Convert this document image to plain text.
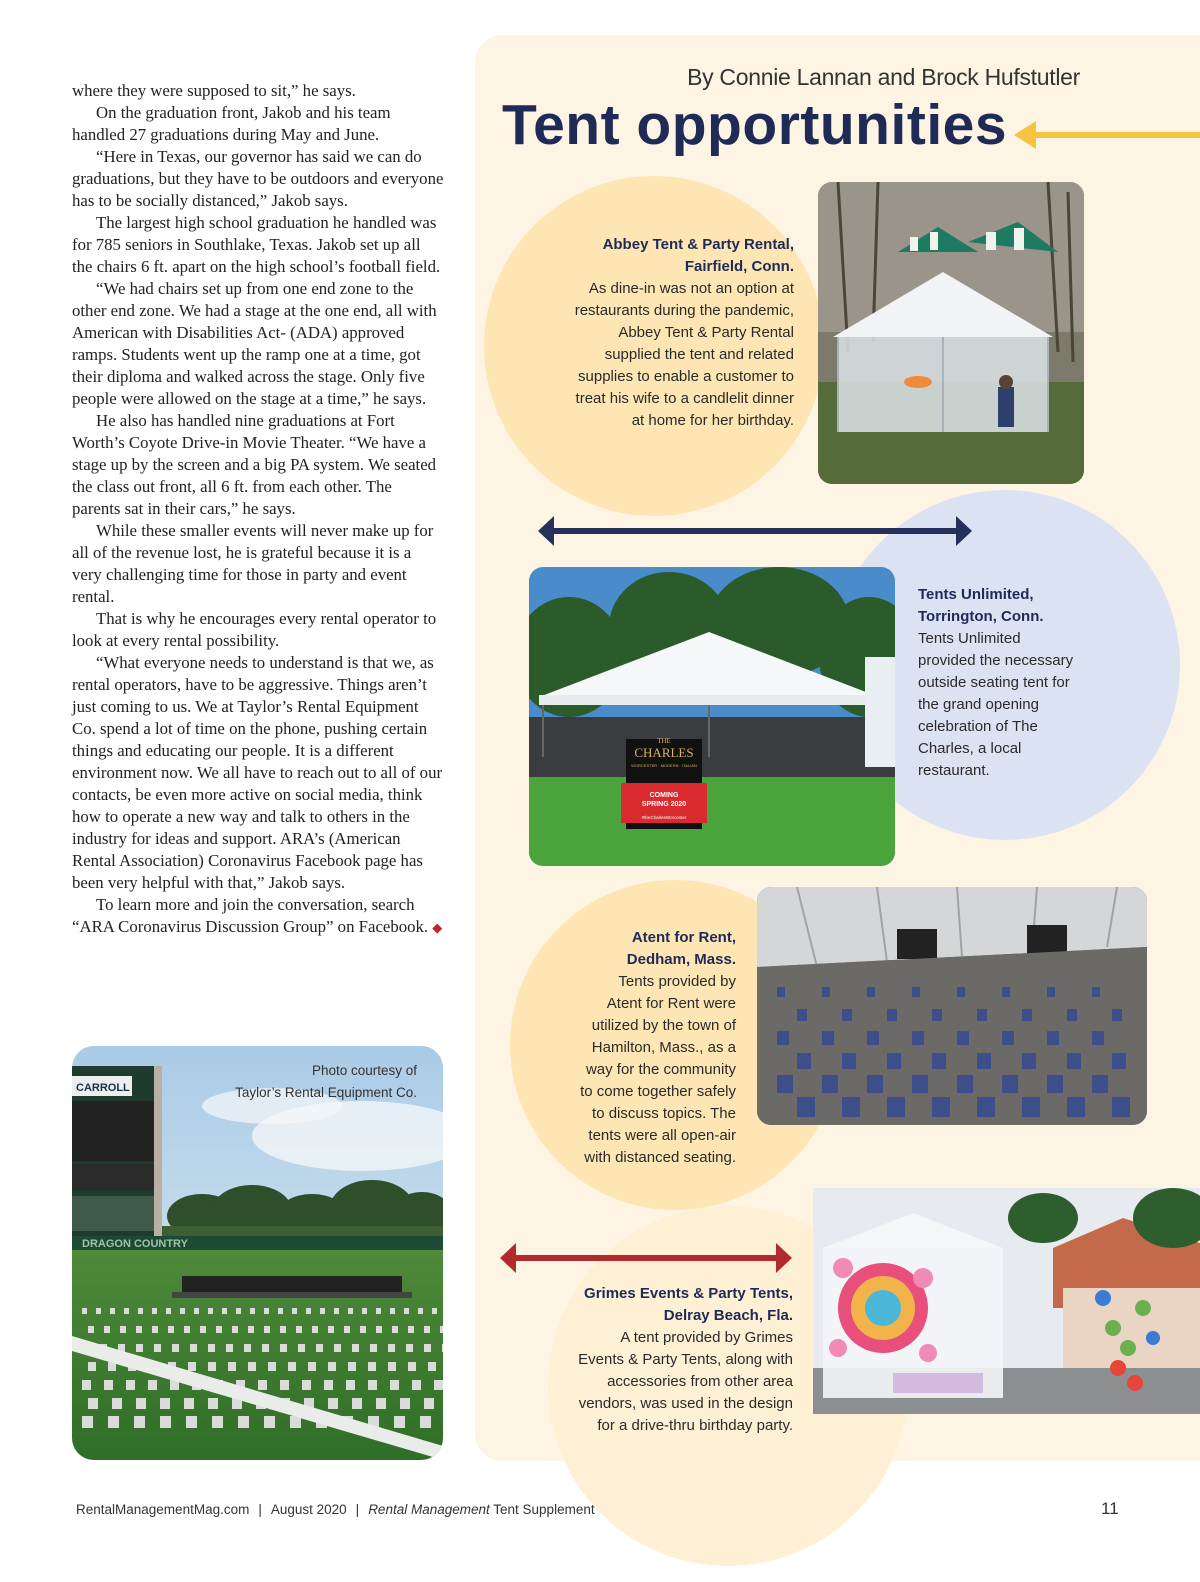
where they were supposed to sit,” he says.

On the graduation front, Jakob and his team handled 27 graduations during May and June.

“Here in Texas, our governor has said we can do graduations, but they have to be outdoors and everyone has to be socially distanced,” Jakob says.

The largest high school graduation he handled was for 785 seniors in Southlake, Texas. Jakob set up all the chairs 6 ft. apart on the high school’s football field.

“We had chairs set up from one end zone to the other end zone. We had a stage at the one end, all with American with Disabilities Act- (ADA) approved ramps. Students went up the ramp one at a time, got their diploma and walked across the stage. Only five people were allowed on the stage at a time,” he says.

He also has handled nine graduations at Fort Worth’s Coyote Drive-in Movie Theater. “We have a stage up by the screen and a big PA system. We seated the class out front, all 6 ft. from each other. The parents sat in their cars,” he says.

While these smaller events will never make up for all of the revenue lost, he is grateful because it is a very challenging time for those in party and event rental.

That is why he encourages every rental operator to look at every rental possibility.

“What everyone needs to understand is that we, as rental operators, have to be aggressive. Things aren’t just coming to us. We at Taylor’s Rental Equipment Co. spend a lot of time on the phone, pushing certain things and educating our people. It is a different environment now. We all have to reach out to all of our contacts, be even more active on social media, think how to operate a new way and talk to others in the industry for ideas and support. ARA’s (American Rental Association) Coronavirus Facebook page has been very helpful with that,” Jakob says.

To learn more and join the conversation, search “ARA Coronavirus Discussion Group” on Facebook. ◆

CARROLL
DRAGON COUNTRY
Photo courtesy of
Taylor’s Rental Equipment Co.
By Connie Lannan and Brock Hufstutler
Tent opportunities
Abbey Tent & Party Rental,
Fairfield, Conn.
As dine-in was not an option at
restaurants during the pandemic,
Abbey Tent & Party Rental
supplied the tent and related
supplies to enable a customer to
treat his wife to a candlelit dinner
at home for her birthday.
THE
CHARLES
WORCESTER · MODERN · ITALIAN
COMING
SPRING 2020
#theCharlesWorcester
Tents Unlimited,
Torrington, Conn.
Tents Unlimited
provided the necessary
outside seating tent for
the grand opening
celebration of The
Charles, a local
restaurant.
Atent for Rent,
Dedham, Mass.
Tents provided by
Atent for Rent were
utilized by the town of
Hamilton, Mass., as a
way for the community
to come together safely
to discuss topics. The
tents were all open-air
with distanced seating.
Grimes Events & Party Tents,
Delray Beach, Fla.
A tent provided by Grimes
Events & Party Tents, along with
accessories from other area
vendors, was used in the design
for a drive-thru birthday party.
RentalManagementMag.com | August 2020 | Rental Management Tent Supplement	11
